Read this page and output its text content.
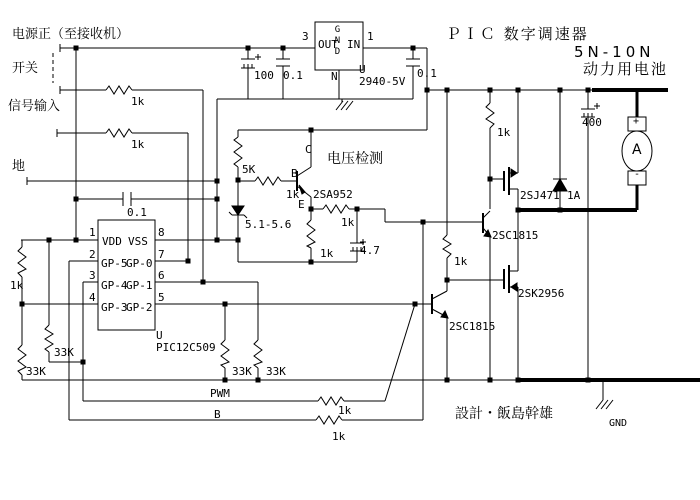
电源正（至接收机）
开关
信号输入
地
1k
1k
100 0.1
3	1
OUT
GND IN
N
U
2940-5V
0.1
ＰＩＣ 数字调速器
5N-10N
动力用电池
400
电压检测
5K
C
B
1k 2SA952
E
5.1-5.6
1k
1k
4.7
0.1
1
2
3
4
8
7
6
5
VDD VSS
GP-5
GP-0
GP-4
GP-1
GP-3
GP-2
U
PIC12C509
1k
33K
33K
33K 33K
PWM
B	1k
1k
1k
1k
2SJ471 1A
2SC1815
2SK2956
2SC1815
+
A
-
設計・飯島幹雄
GND
